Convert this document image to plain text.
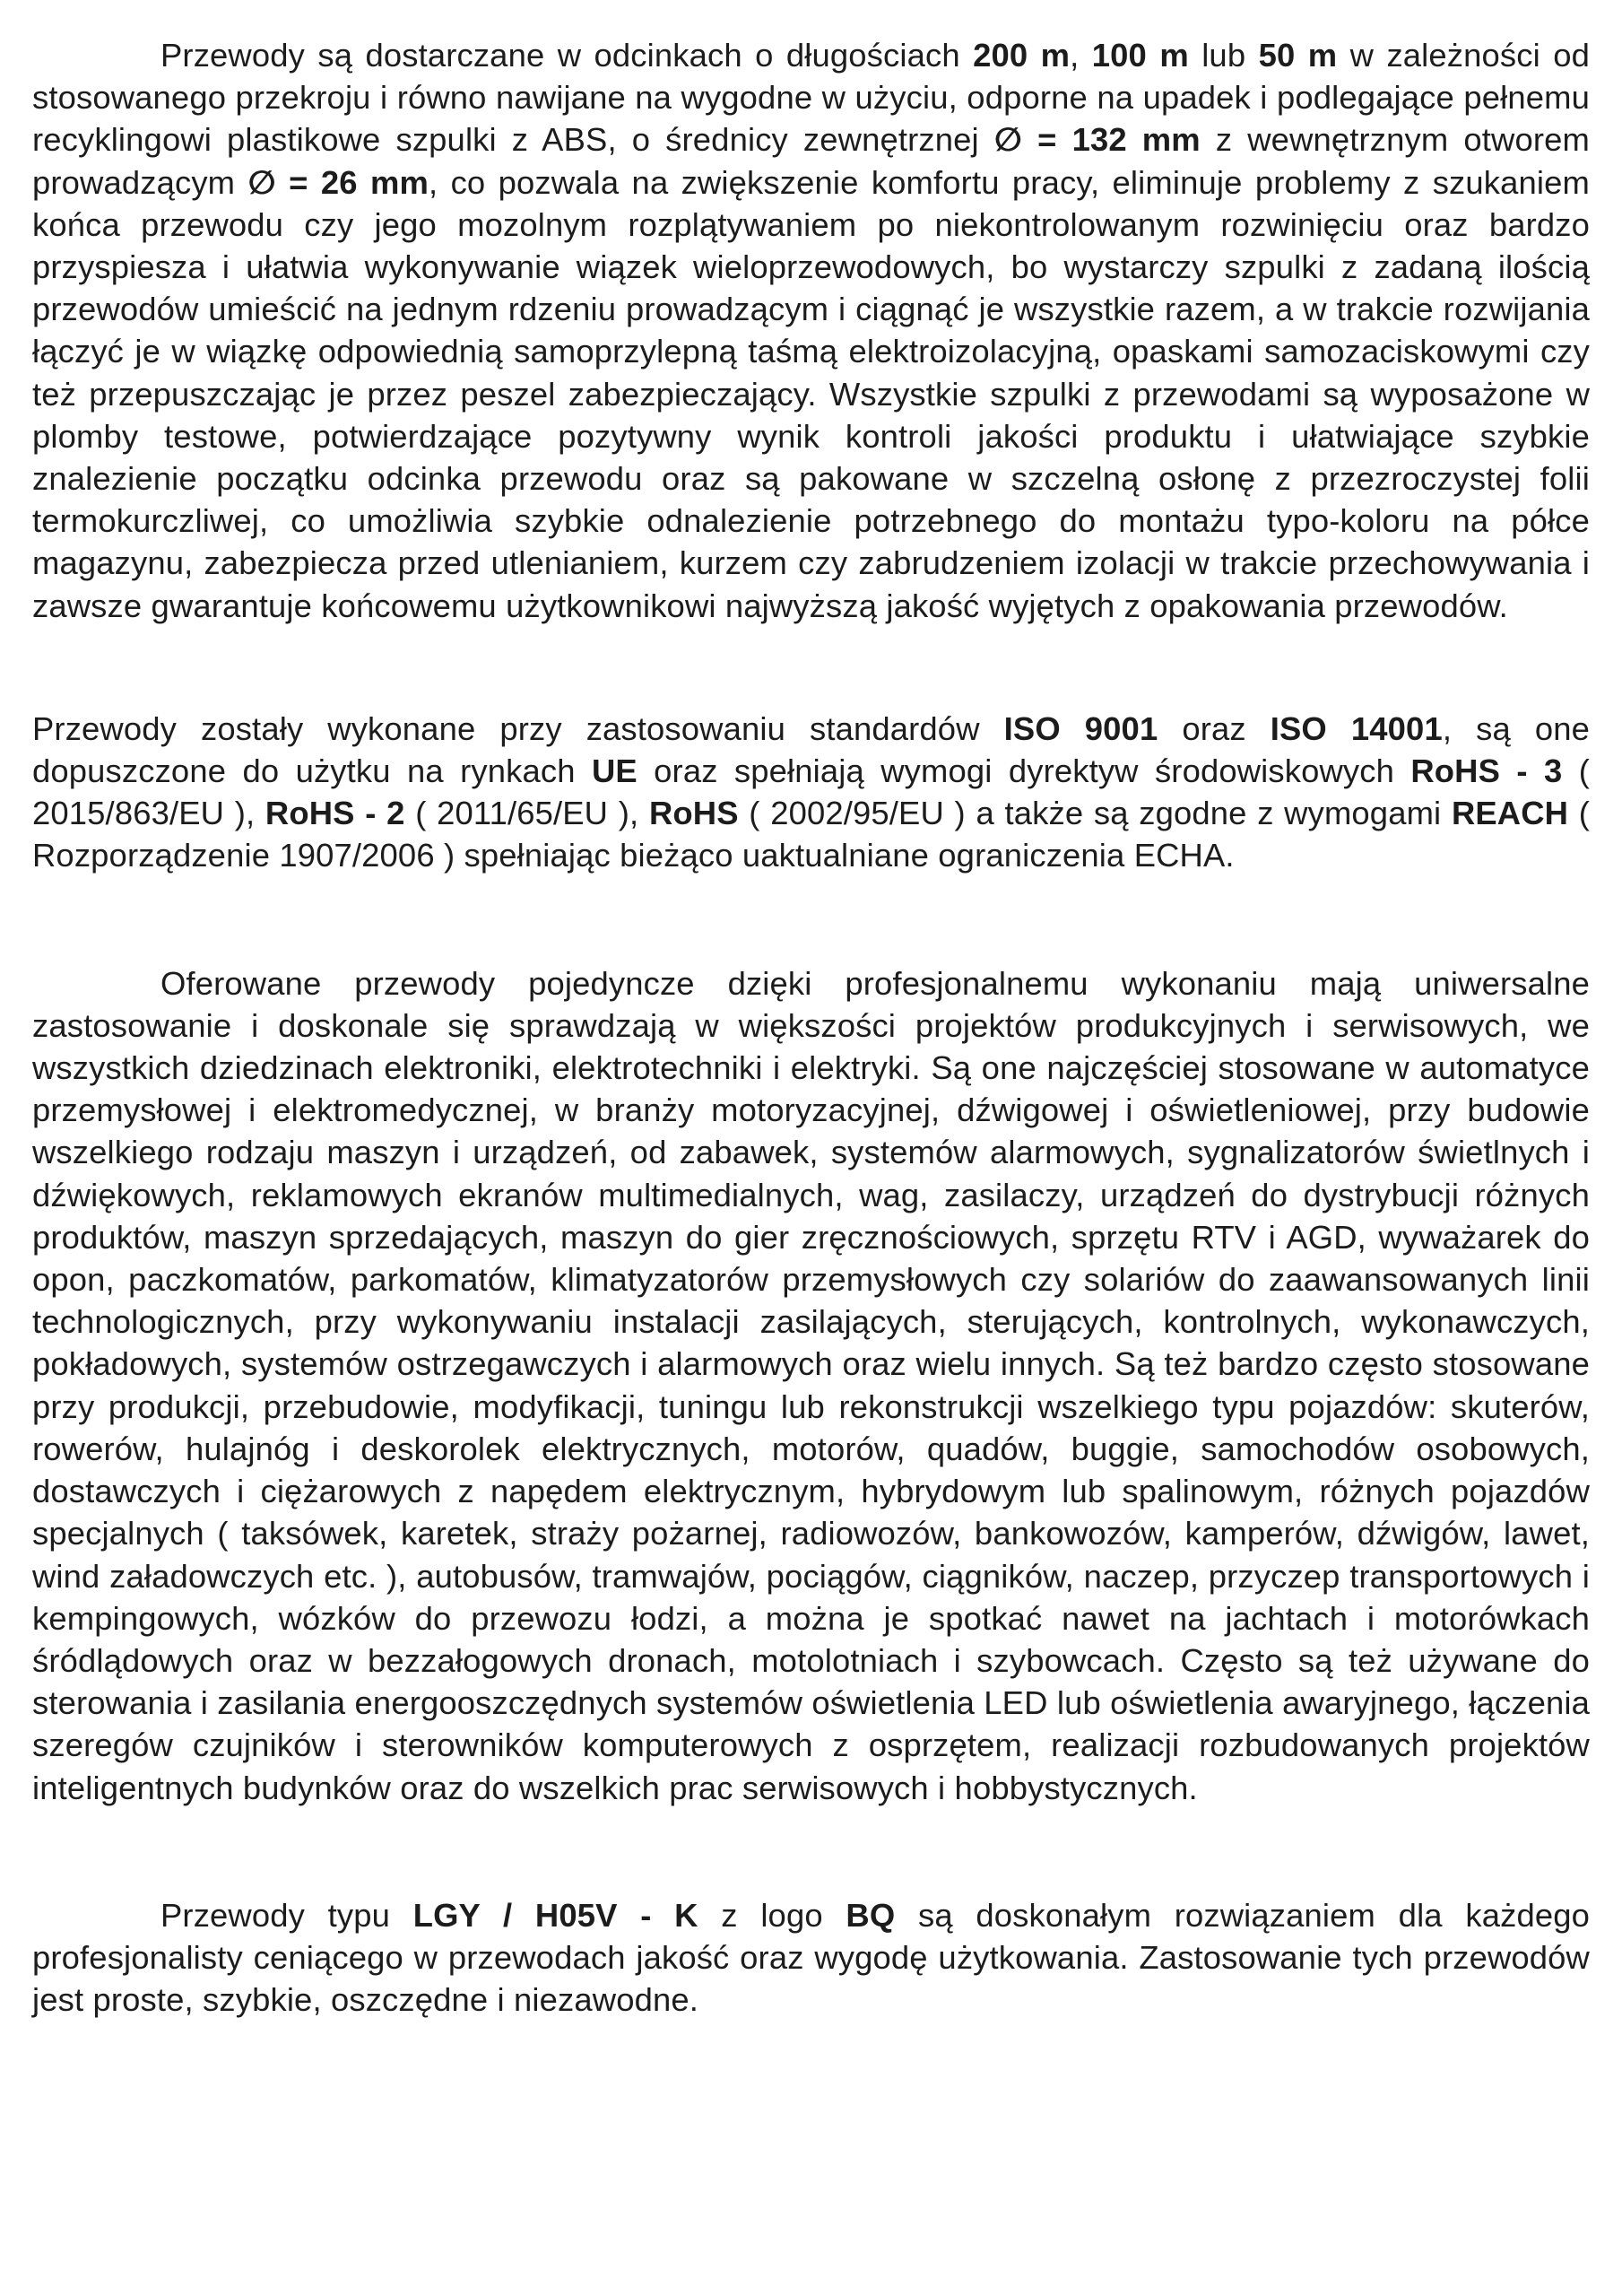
Przewody są dostarczane w odcinkach o długościach 200 m, 100 m lub 50 m w zależności od stosowanego przekroju i równo nawijane na wygodne w użyciu, odporne na upadek i podlegające pełnemu recyklingowi plastikowe szpulki z ABS, o średnicy zewnętrznej ∅ = 132 mm z wewnętrznym otworem prowadzącym ∅ = 26 mm, co pozwala na zwiększenie komfortu pracy, eliminuje problemy z szukaniem końca przewodu czy jego mozolnym rozplątywaniem po niekontrolowanym rozwinięciu oraz bardzo przyspiesza i ułatwia wykonywanie wiązek wieloprzewodowych, bo wystarczy szpulki z zadaną ilością przewodów umieścić na jednym rdzeniu prowadzącym i ciągnąć je wszystkie razem, a w trakcie rozwijania łączyć je w wiązkę odpowiednią samoprzylepną taśmą elektroizolacyjną, opaskami samozaciskowymi czy też przepuszczając je przez peszel zabezpieczający. Wszystkie szpulki z przewodami są wyposażone w plomby testowe, potwierdzające pozytywny wynik kontroli jakości produktu i ułatwiające szybkie znalezienie początku odcinka przewodu oraz są pakowane w szczelną osłonę z przezroczystej folii termokurczliwej, co umożliwia szybkie odnalezienie potrzebnego do montażu typo-koloru na półce magazynu, zabezpiecza przed utlenianiem, kurzem czy zabrudzeniem izolacji w trakcie przechowywania i zawsze gwarantuje końcowemu użytkownikowi najwyższą jakość wyjętych z opakowania przewodów.

Przewody zostały wykonane przy zastosowaniu standardów ISO 9001 oraz ISO 14001, są one dopuszczone do użytku na rynkach UE oraz spełniają wymogi dyrektyw środowiskowych RoHS - 3 ( 2015/863/EU ), RoHS - 2 ( 2011/65/EU ), RoHS ( 2002/95/EU ) a także są zgodne z wymogami REACH ( Rozporządzenie 1907/2006 ) spełniając bieżąco uaktualniane ograniczenia ECHA.

Oferowane przewody pojedyncze dzięki profesjonalnemu wykonaniu mają uniwersalne zastosowanie i doskonale się sprawdzają w większości projektów produkcyjnych i serwisowych, we wszystkich dziedzinach elektroniki, elektrotechniki i elektryki. Są one najczęściej stosowane w automatyce przemysłowej i elektromedycznej, w branży motoryzacyjnej, dźwigowej i oświetleniowej, przy budowie wszelkiego rodzaju maszyn i urządzeń, od zabawek, systemów alarmowych, sygnalizatorów świetlnych i dźwiękowych, reklamowych ekranów multimedialnych, wag, zasilaczy, urządzeń do dystrybucji różnych produktów, maszyn sprzedających, maszyn do gier zręcznościowych, sprzętu RTV i AGD, wyważarek do opon, paczkomatów, parkomatów, klimatyzatorów przemysłowych czy solariów do zaawansowanych linii technologicznych, przy wykonywaniu instalacji zasilających, sterujących, kontrolnych, wykonawczych, pokładowych, systemów ostrzegawczych i alarmowych oraz wielu innych. Są też bardzo często stosowane przy produkcji, przebudowie, modyfikacji, tuningu lub rekonstrukcji wszelkiego typu pojazdów: skuterów, rowerów, hulajnóg i deskorolek elektrycznych, motorów, quadów, buggie, samochodów osobowych, dostawczych i ciężarowych z napędem elektrycznym, hybrydowym lub spalinowym, różnych pojazdów specjalnych ( taksówek, karetek, straży pożarnej, radiowozów, bankowozów, kamperów, dźwigów, lawet, wind załadowczych etc. ), autobusów, tramwajów, pociągów, ciągników, naczep, przyczep transportowych i kempingowych, wózków do przewozu łodzi, a można je spotkać nawet na jachtach i motorówkach śródlądowych oraz w bezzałogowych dronach, motolotniach i szybowcach. Często są też używane do sterowania i zasilania energooszczędnych systemów oświetlenia LED lub oświetlenia awaryjnego, łączenia szeregów czujników i sterowników komputerowych z osprzętem, realizacji rozbudowanych projektów inteligentnych budynków oraz do wszelkich prac serwisowych i hobbystycznych.

Przewody typu LGY / H05V - K z logo BQ są doskonałym rozwiązaniem dla każdego profesjonalisty ceniącego w przewodach jakość oraz wygodę użytkowania. Zastosowanie tych przewodów jest proste, szybkie, oszczędne i niezawodne.
